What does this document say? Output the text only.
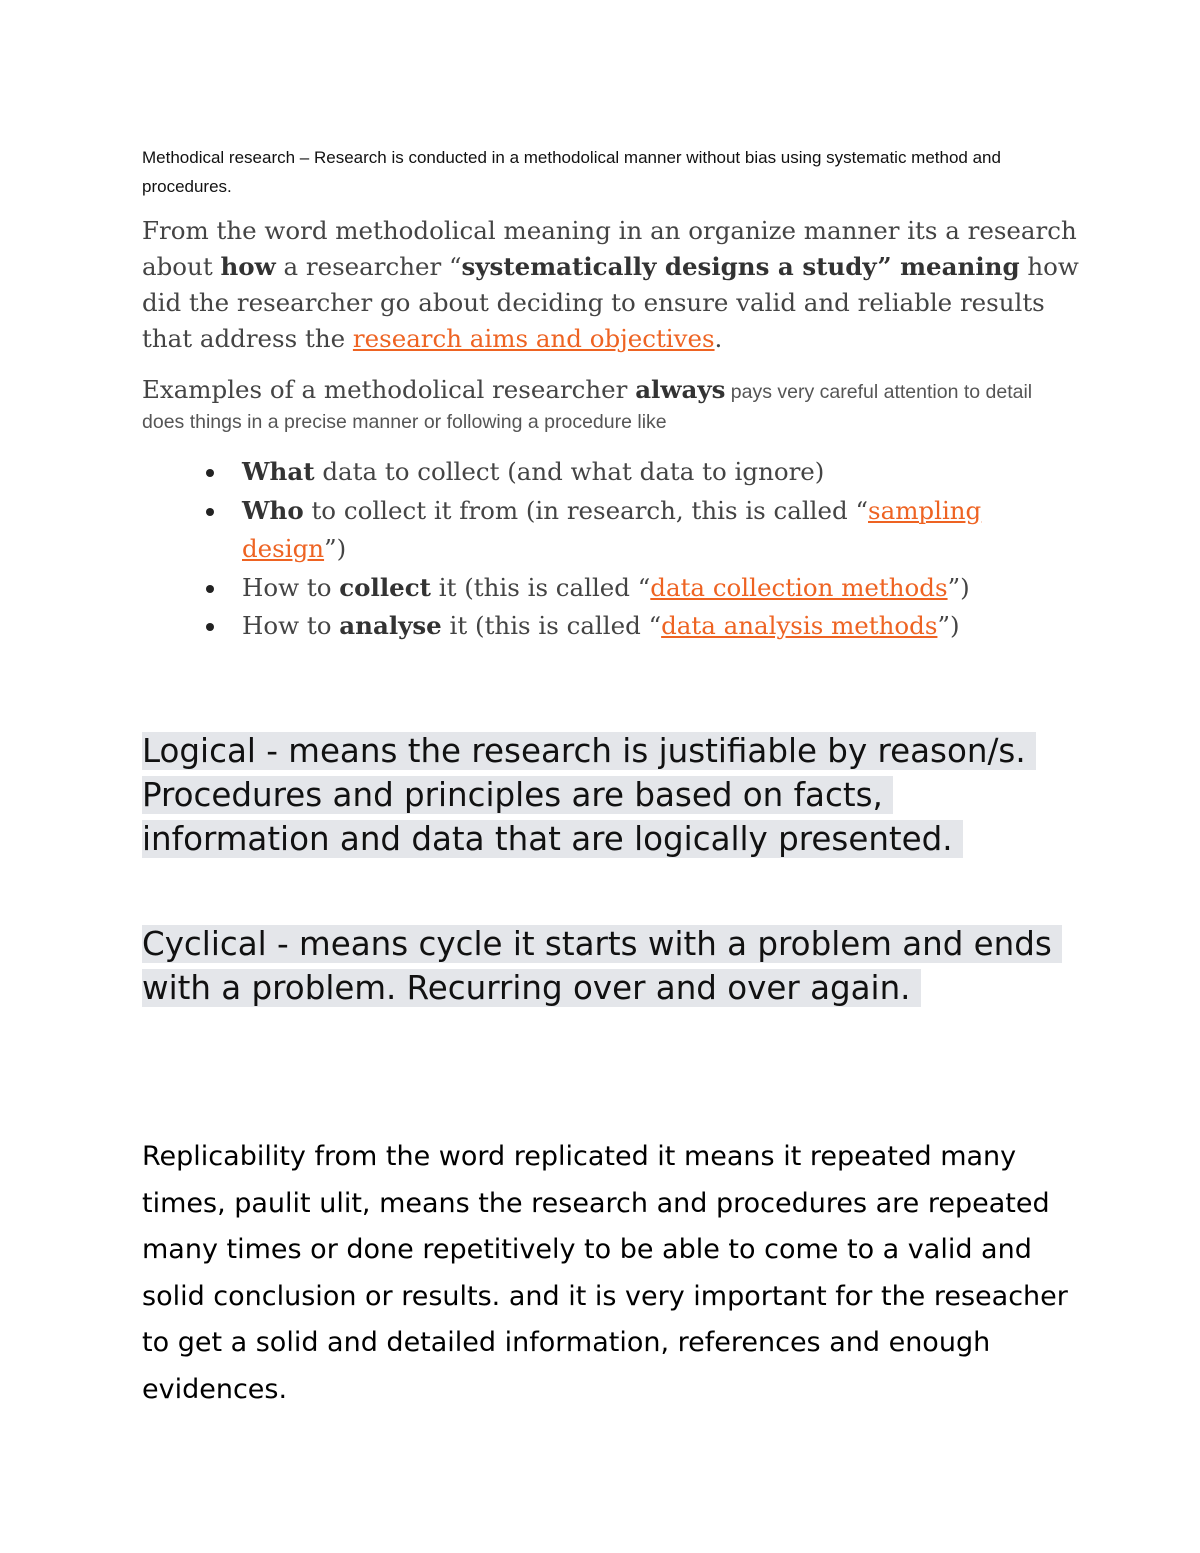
Methodical research – Research is conducted in a methodolical manner without bias using systematic method and procedures.

From the word methodolical meaning in an organize manner its a research about how a researcher “systematically designs a study” meaning how did the researcher go about deciding to ensure valid and reliable results that address the research aims and objectives.

Examples of a methodolical researcher always pays very careful attention to detail does things in a precise manner or following a procedure like

What data to collect (and what data to ignore)
Who to collect it from (in research, this is called “sampling design”)
How to collect it (this is called “data collection methods”)
How to analyse it (this is called “data analysis methods”)

Logical - means the research is justifiable by reason/s. Procedures and principles are based on facts, information and data that are logically presented.

Cyclical - means cycle it starts with a problem and ends with a problem. Recurring over and over again.

Replicability from the word replicated it means it repeated many times, paulit ulit, means the research and procedures are repeated many times or done repetitively to be able to come to a valid and solid conclusion or results. and it is very important for the reseacher to get a solid and detailed information, references and enough evidences.
